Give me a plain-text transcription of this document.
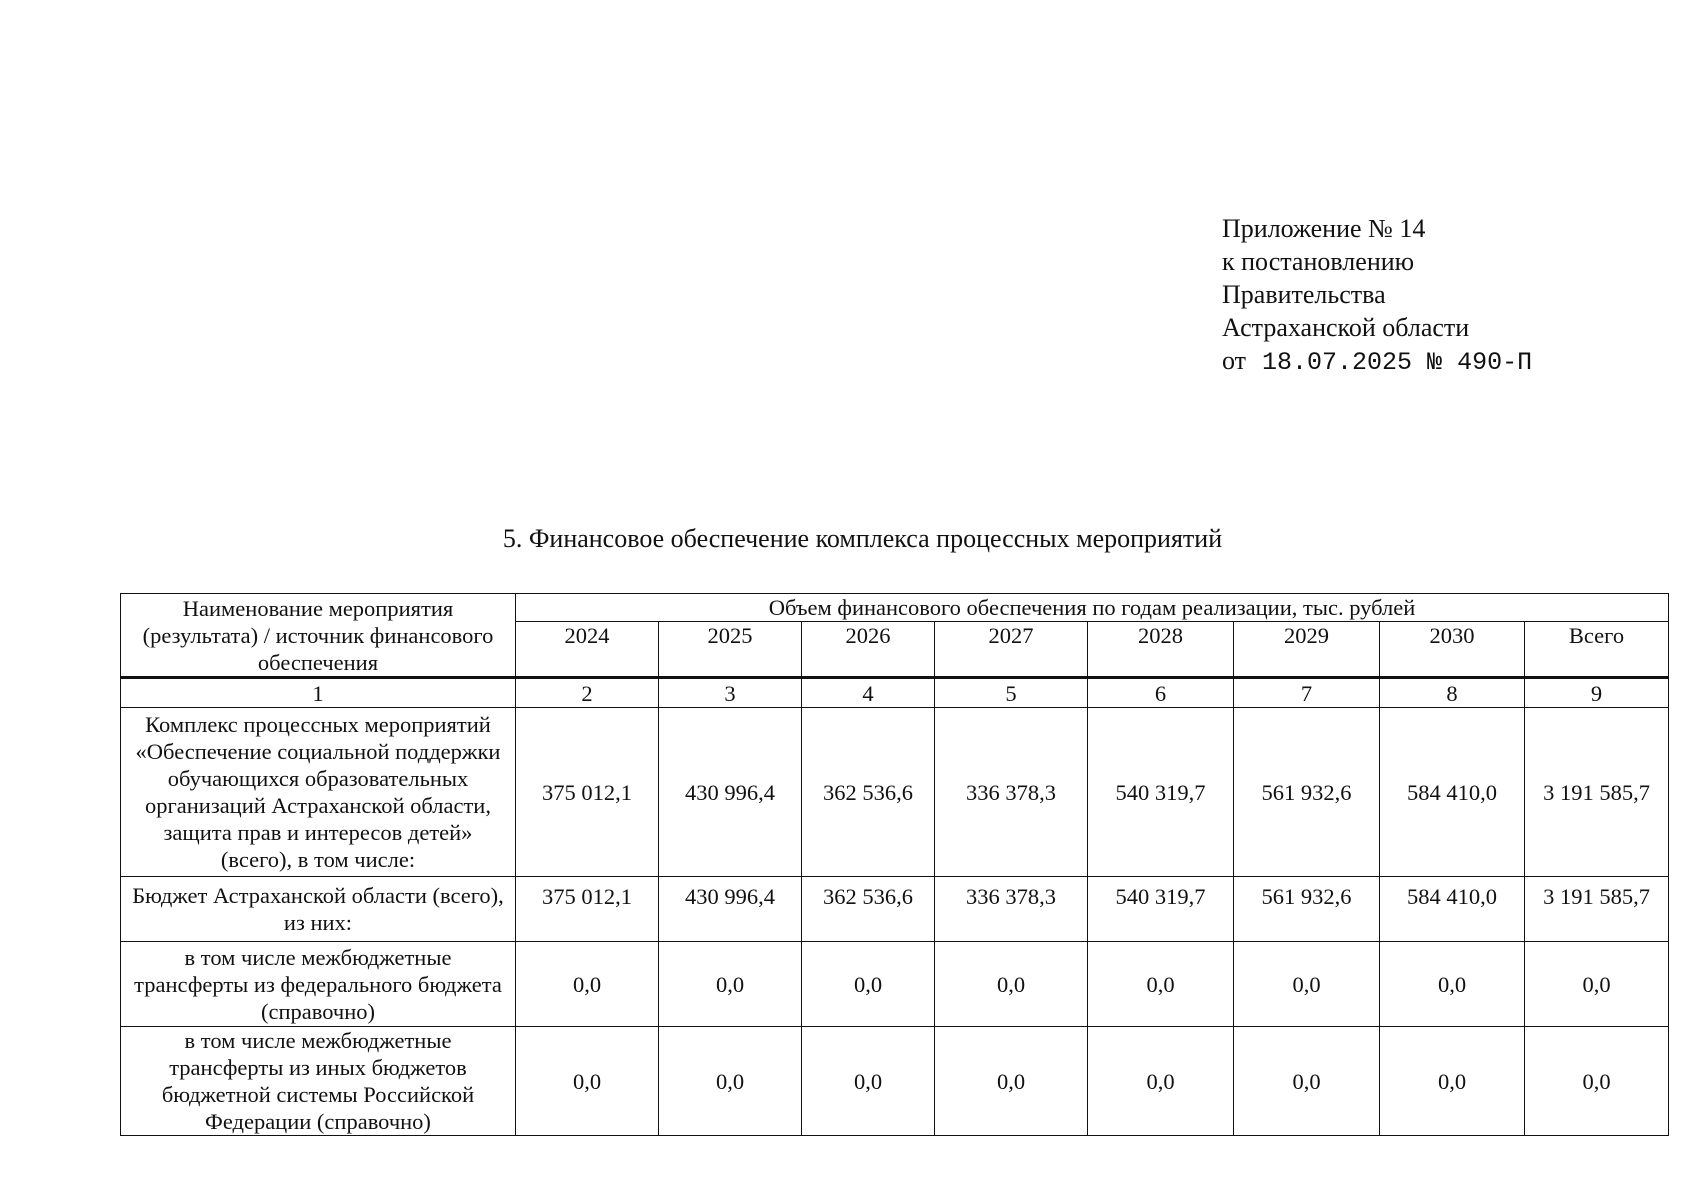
Приложение № 14
к постановлению
Правительства
Астраханской области
от 18.07.2025 № 490-П
5. Финансовое обеспечение комплекса процессных мероприятий
Наименование мероприятия (результата) / источник финансового обеспечения	Объем финансового обеспечения по годам реализации, тыс. рублей							
	2024	2025	2026	2027	2028	2029	2030	Всего
1	2	3	4	5	6	7	8	9
Комплекс процессных мероприятий «Обеспечение социальной поддержки обучающихся образовательных организаций Астраханской области, защита прав и интересов детей» (всего), в том числе:	375 012,1	430 996,4	362 536,6	336 378,3	540 319,7	561 932,6	584 410,0	3 191 585,7
Бюджет Астраханской области (всего), из них:	375 012,1	430 996,4	362 536,6	336 378,3	540 319,7	561 932,6	584 410,0	3 191 585,7
в том числе межбюджетные трансферты из федерального бюджета (справочно)	0,0	0,0	0,0	0,0	0,0	0,0	0,0	0,0
в том числе межбюджетные трансферты из иных бюджетов бюджетной системы Российской Федерации (справочно)	0,0	0,0	0,0	0,0	0,0	0,0	0,0	0,0
